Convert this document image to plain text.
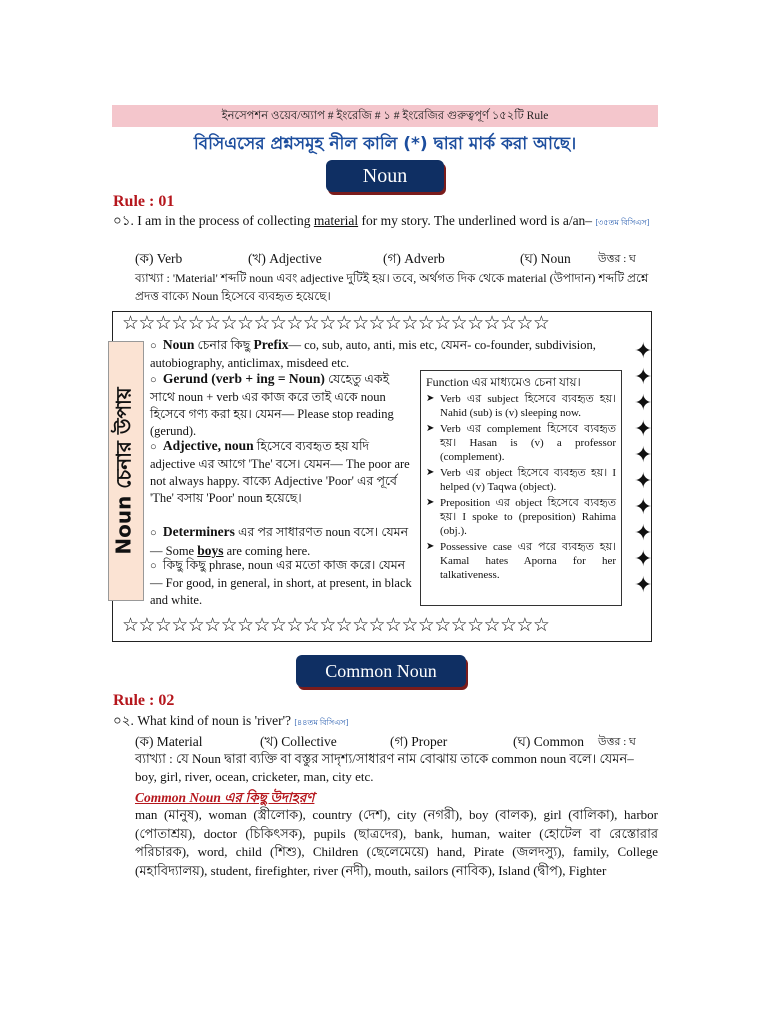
ইনসেপশন ওয়েব/অ্যাপ # ইংরেজি # ১ # ইংরেজির গুরুত্বপূর্ণ ১৫২টি Rule
বিসিএসের প্রশ্নসমূহ নীল কালি (*) দ্বারা মার্ক করা আছে।
Noun
Rule : 01
০১. I am in the process of collecting material for my story. The underlined word is a/an– [৩৫তম বিসিএস]
(ক) Verb	(খ) Adjective	(গ) Adverb	(ঘ) Noun উত্তর : ঘ
ব্যাখ্যা : 'Material' শব্দটি noun এবং adjective দুটিই হয়। তবে, অর্থগত দিক থেকে material (উপাদান) শব্দটি প্রশ্নে প্রদত্ত বাক্যে Noun হিসেবে ব্যবহৃত হয়েছে।
☆☆☆☆☆☆☆☆☆☆☆☆☆☆☆☆☆☆☆☆☆☆☆☆☆☆
☆☆☆☆☆☆☆☆☆☆☆☆☆☆☆☆☆☆☆☆☆☆☆☆☆☆
Noun চেনার উপায়
✦
✦
✦
✦
✦
✦
✦
✦
✦
✦
○ Noun চেনার কিছু Prefix— co, sub, auto, anti, mis etc, যেমন- co-founder, subdivision, autobiography, anticlimax, misdeed etc.
○ Gerund (verb + ing = Noun) যেহেতু একই সাথে noun + verb এর কাজ করে তাই একে noun হিসেবে গণ্য করা হয়। যেমন— Please stop reading (gerund).
○ Adjective, noun হিসেবে ব্যবহৃত হয় যদি adjective এর আগে 'The' বসে। যেমন— The poor are not always happy. বাক্যে Adjective 'Poor' এর পূর্বে 'The' বসায় 'Poor' noun হয়েছে।
○ Determiners এর পর সাধারণত noun বসে। যেমন— Some boys are coming here.
○ কিছু কিছু phrase, noun এর মতো কাজ করে। যেমন— For good, in general, in short, at present, in black and white.
Function এর মাধ্যমেও চেনা যায়।
➤ Verb এর subject হিসেবে ব্যবহৃত হয়। Nahid (sub) is (v) sleeping now.
➤ Verb এর complement হিসেবে ব্যবহৃত হয়। Hasan is (v) a professor (complement).
➤ Verb এর object হিসেবে ব্যবহৃত হয়। I helped (v) Taqwa (object).
➤ Preposition এর object হিসেবে ব্যবহৃত হয়। I spoke to (preposition) Rahima (obj.).
➤ Possessive case এর পরে ব্যবহৃত হয়। Kamal hates Aporna for her talkativeness.
Common Noun
Rule : 02
০২. What kind of noun is 'river'? [৪৪তম বিসিএস]
(ক) Material	(খ) Collective	(গ) Proper	(ঘ) Common উত্তর : ঘ
ব্যাখ্যা : যে Noun দ্বারা ব্যক্তি বা বস্তুর সাদৃশ্য/সাধারণ নাম বোঝায় তাকে common noun বলে। যেমন– boy, girl, river, ocean, cricketer, man, city etc.
Common Noun এর কিছু উদাহরণ
man (মানুষ), woman (স্ত্রীলোক), country (দেশ), city (নগরী), boy (বালক), girl (বালিকা), harbor (পোতাশ্রয়), doctor (চিকিৎসক), pupils (ছাত্রদের), bank, human, waiter (হোটেল বা রেস্তোরার পরিচারক), word, child (শিশু), Children (ছেলেমেয়ে) hand, Pirate (জলদস্যু), family, College (মহাবিদ্যালয়), student, firefighter, river (নদী), mouth, sailors (নাবিক), Island (দ্বীপ), Fighter
